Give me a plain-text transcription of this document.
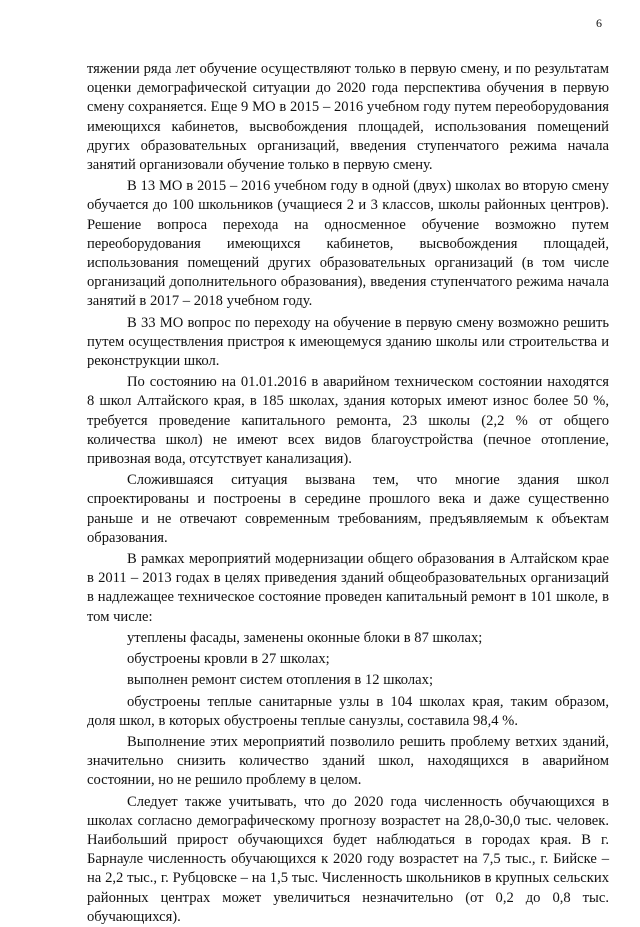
6

тяжении ряда лет обучение осуществляют только в первую смену, и по результатам оценки демографической ситуации до 2020 года перспектива обучения в первую смену сохраняется. Еще 9 МО в 2015 – 2016 учебном году путем переоборудования имеющихся кабинетов, высвобождения площадей, использования помещений других образовательных организаций, введения ступенчатого режима начала занятий организовали обучение только в первую смену.

В 13 МО в 2015 – 2016 учебном году в одной (двух) школах во вторую смену обучается до 100 школьников (учащиеся 2 и 3 классов, школы районных центров). Решение вопроса перехода на односменное обучение возможно путем переоборудования имеющихся кабинетов, высвобождения площадей, использования помещений других образовательных организаций (в том числе организаций дополнительного образования), введения ступенчатого режима начала занятий в 2017 – 2018 учебном году.

В 33 МО вопрос по переходу на обучение в первую смену возможно решить путем осуществления пристроя к имеющемуся зданию школы или строительства и реконструкции школ.

По состоянию на 01.01.2016 в аварийном техническом состоянии находятся 8 школ Алтайского края, в 185 школах, здания которых имеют износ более 50 %, требуется проведение капитального ремонта, 23 школы (2,2 % от общего количества школ) не имеют всех видов благоустройства (печное отопление, привозная вода, отсутствует канализация).

Сложившаяся ситуация вызвана тем, что многие здания школ спроектированы и построены в середине прошлого века и даже существенно раньше и не отвечают современным требованиям, предъявляемым к объектам образования.

В рамках мероприятий модернизации общего образования в Алтайском крае в 2011 – 2013 годах в целях приведения зданий общеобразовательных организаций в надлежащее техническое состояние проведен капитальный ремонт в 101 школе, в том числе:

утеплены фасады, заменены оконные блоки в 87 школах;

обустроены кровли в 27 школах;

выполнен ремонт систем отопления в 12 школах;

обустроены теплые санитарные узлы в 104 школах края, таким образом, доля школ, в которых обустроены теплые санузлы, составила 98,4 %.

Выполнение этих мероприятий позволило решить проблему ветхих зданий, значительно снизить количество зданий школ, находящихся в аварийном состоянии, но не решило проблему в целом.

Следует также учитывать, что до 2020 года численность обучающихся в школах согласно демографическому прогнозу возрастет на 28,0-30,0 тыс. человек. Наибольший прирост обучающихся будет наблюдаться в городах края. В г. Барнауле численность обучающихся к 2020 году возрастет на 7,5 тыс., г. Бийске – на 2,2 тыс., г. Рубцовске – на 1,5 тыс. Численность школьников в крупных сельских районных центрах может увеличиться незначительно (от 0,2 до 0,8 тыс. обучающихся).
